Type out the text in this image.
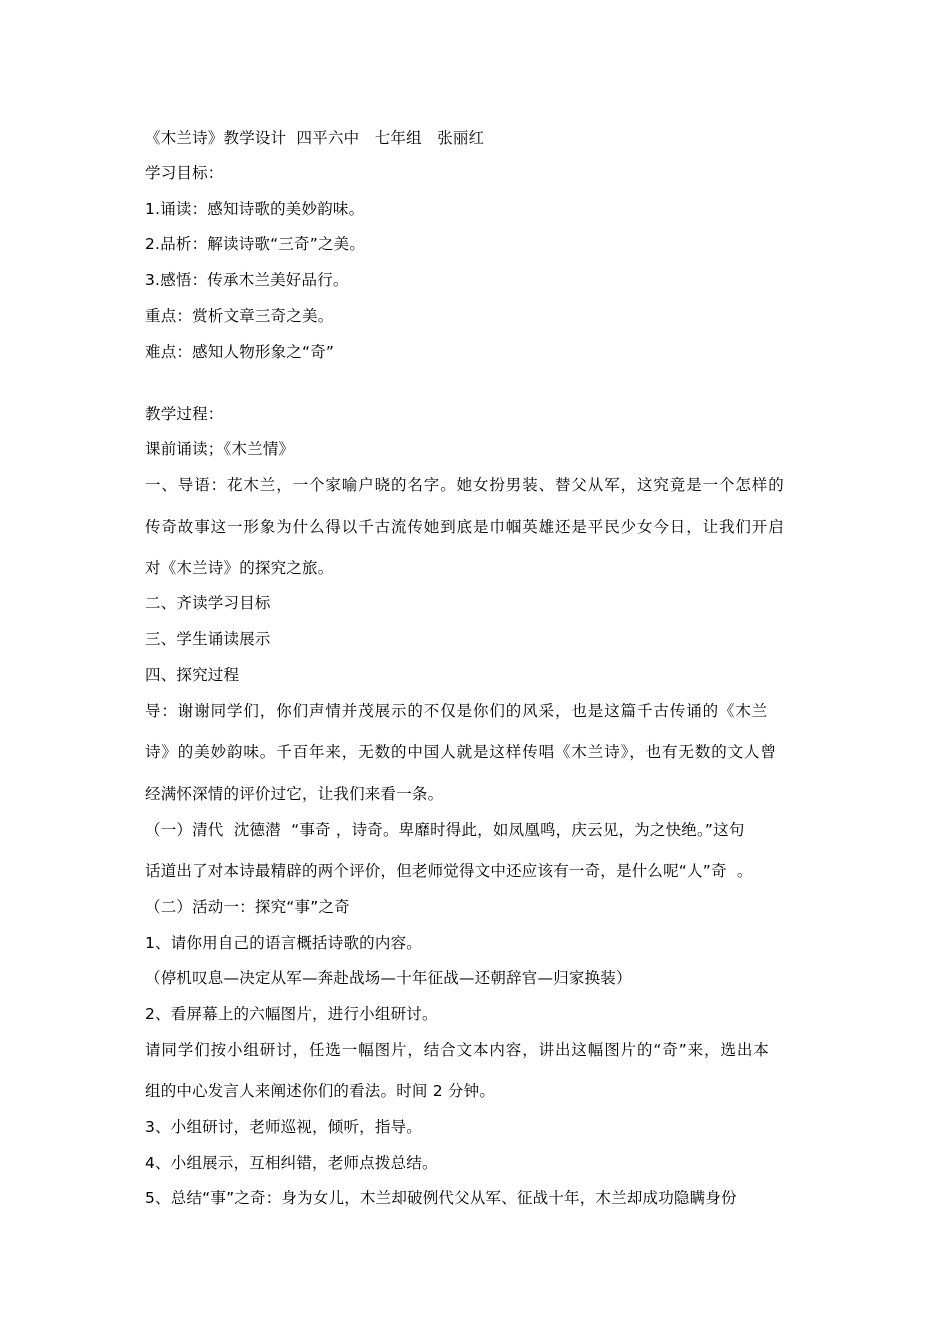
《木兰诗》教学设计  四平六中   七年组   张丽红
学习目标：
1.诵读：感知诗歌的美妙韵味。
2.品析：解读诗歌“三奇”之美。
3.感悟：传承木兰美好品行。
重点：赏析文章三奇之美。
难点：感知人物形象之“奇”
教学过程：
课前诵读；《木兰情》
一、导语：花木兰，一个家喻户晓的名字。她女扮男装、替父从军，这究竟是一个怎样的
传奇故事这一形象为什么得以千古流传她到底是巾帼英雄还是平民少女今日，让我们开启
对《木兰诗》的探究之旅。
二、齐读学习目标
三、学生诵读展示
四、探究过程
导：谢谢同学们，你们声情并茂展示的不仅是你们的风采，也是这篇千古传诵的《木兰
诗》的美妙韵味。千百年来，无数的中国人就是这样传唱《木兰诗》，也有无数的文人曾
经满怀深情的评价过它，让我们来看一条。
（一）清代  沈德潜  “事奇 ，诗奇。卑靡时得此，如凤凰鸣，庆云见，为之快绝。”这句
话道出了对本诗最精辟的两个评价，但老师觉得文中还应该有一奇，是什么呢“人”奇  。
（二）活动一：探究“事”之奇
1、请你用自己的语言概括诗歌的内容。
（停机叹息—决定从军—奔赴战场—十年征战—还朝辞官—归家换装）
2、看屏幕上的六幅图片，进行小组研讨。
请同学们按小组研讨，任选一幅图片，结合文本内容，讲出这幅图片的“奇”来，选出本
组的中心发言人来阐述你们的看法。时间 2 分钟。
3、小组研讨，老师巡视，倾听，指导。
4、小组展示，互相纠错，老师点拨总结。
5、总结“事”之奇：身为女儿，木兰却破例代父从军、征战十年，木兰却成功隐瞒身份
